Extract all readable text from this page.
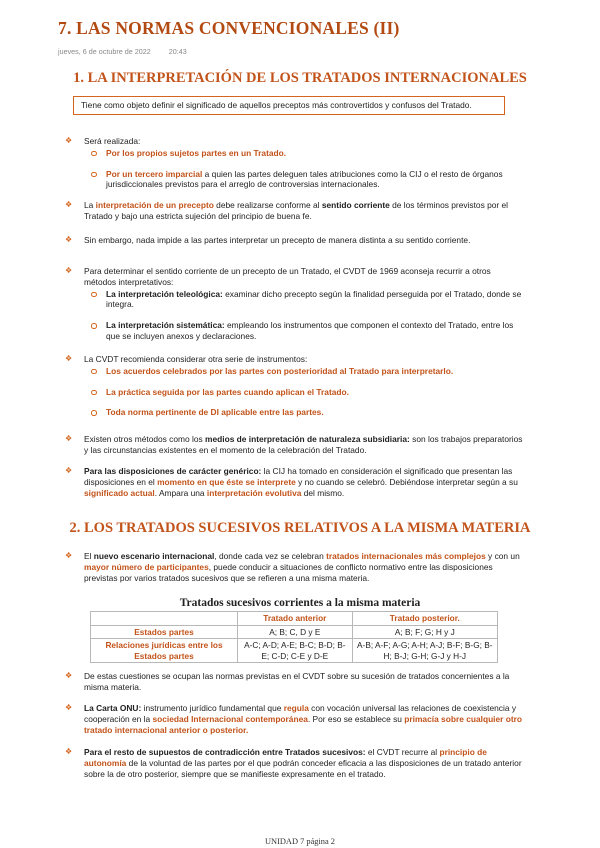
7. LAS NORMAS CONVENCIONALES (II)
jueves, 6 de octubre de 2022	20:43
1. LA INTERPRETACIÓN DE LOS TRATADOS INTERNACIONALES
Tiene como objeto definir el significado de aquellos preceptos más controvertidos y confusos del Tratado.
❖ Será realizada:
Por los propios sujetos partes en un Tratado.
Por un tercero imparcial a quien las partes deleguen tales atribuciones como la CIJ o el resto de órganos jurisdiccionales previstos para el arreglo de controversias internacionales.
❖ La interpretación de un precepto debe realizarse conforme al sentido corriente de los términos previstos por el Tratado y bajo una estricta sujeción del principio de buena fe.
❖ Sin embargo, nada impide a las partes interpretar un precepto de manera distinta a su sentido corriente.
❖ Para determinar el sentido corriente de un precepto de un Tratado, el CVDT de 1969 aconseja recurrir a otros métodos interpretativos:
La interpretación teleológica: examinar dicho precepto según la finalidad perseguida por el Tratado, donde se integra.
La interpretación sistemática: empleando los instrumentos que componen el contexto del Tratado, entre los que se incluyen anexos y declaraciones.
❖ La CVDT recomienda considerar otra serie de instrumentos:
Los acuerdos celebrados por las partes con posterioridad al Tratado para interpretarlo.
La práctica seguida por las partes cuando aplican el Tratado.
Toda norma pertinente de DI aplicable entre las partes.
❖ Existen otros métodos como los medios de interpretación de naturaleza subsidiaria: son los trabajos preparatorios y las circunstancias existentes en el momento de la celebración del Tratado.
❖ Para las disposiciones de carácter genérico: la CIJ ha tomado en consideración el significado que presentan las disposiciones en el momento en que éste se interprete y no cuando se celebró. Debiéndose interpretar según a su significado actual. Ampara una interpretación evolutiva del mismo.
2. LOS TRATADOS SUCESIVOS RELATIVOS A LA MISMA MATERIA
❖ El nuevo escenario internacional, donde cada vez se celebran tratados internacionales más complejos y con un mayor número de participantes, puede conducir a situaciones de conflicto normativo entre las disposiciones previstas por varios tratados sucesivos que se refieren a una misma materia.
Tratados sucesivos corrientes a la misma materia
	Tratado anterior	Tratado posterior.
Estados partes	A; B; C, D y E	A; B; F; G; H y J
Relaciones jurídicas entre los Estados partes	A-C; A-D; A-E; B-C; B-D; B-E; C-D; C-E y D-E	A-B; A-F; A-G; A-H; A-J; B-F; B-G; B-H; B-J; G-H; G-J y H-J
❖ De estas cuestiones se ocupan las normas previstas en el CVDT sobre su sucesión de tratados concernientes a la misma materia.
❖ La Carta ONU: instrumento jurídico fundamental que regula con vocación universal las relaciones de coexistencia y cooperación en la sociedad Internacional contemporánea. Por eso se establece su primacía sobre cualquier otro tratado internacional anterior o posterior.
❖ Para el resto de supuestos de contradicción entre Tratados sucesivos: el CVDT recurre al principio de autonomía de la voluntad de las partes por el que podrán conceder eficacia a las disposiciones de un tratado anterior sobre la de otro posterior, siempre que se manifieste expresamente en el tratado.
UNIDAD 7 página 2
